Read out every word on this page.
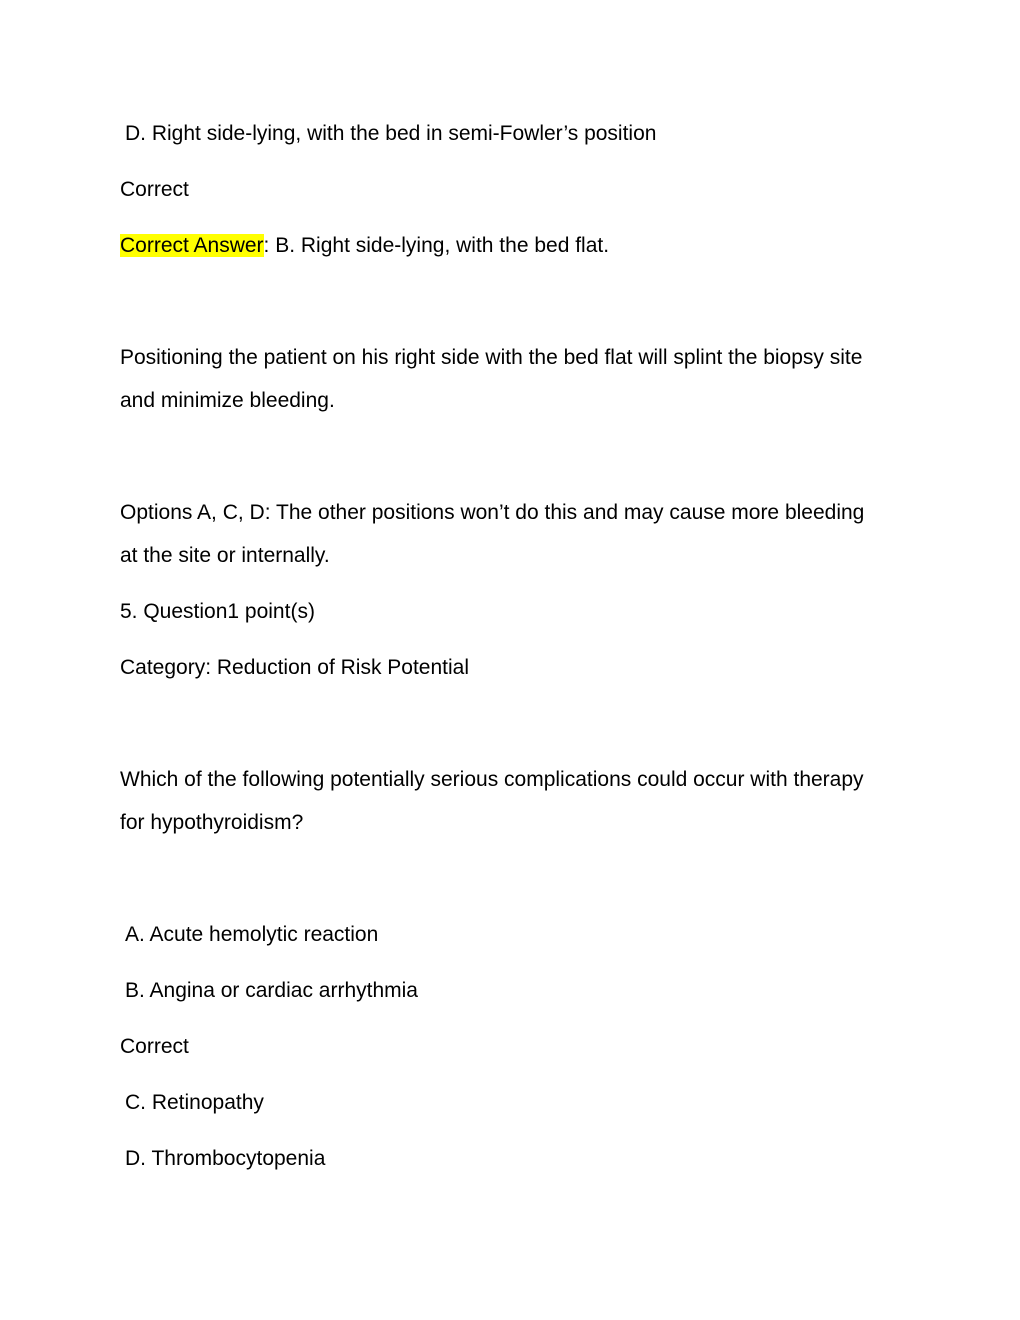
D. Right side-lying, with the bed in semi-Fowler’s position
Correct
Correct Answer: B. Right side-lying, with the bed flat.
Positioning the patient on his right side with the bed flat will splint the biopsy site
and minimize bleeding.
Options A, C, D: The other positions won’t do this and may cause more bleeding
at the site or internally.
5. Question1 point(s)
Category: Reduction of Risk Potential
Which of the following potentially serious complications could occur with therapy
for hypothyroidism?
A. Acute hemolytic reaction
B. Angina or cardiac arrhythmia
Correct
C. Retinopathy
D. Thrombocytopenia
